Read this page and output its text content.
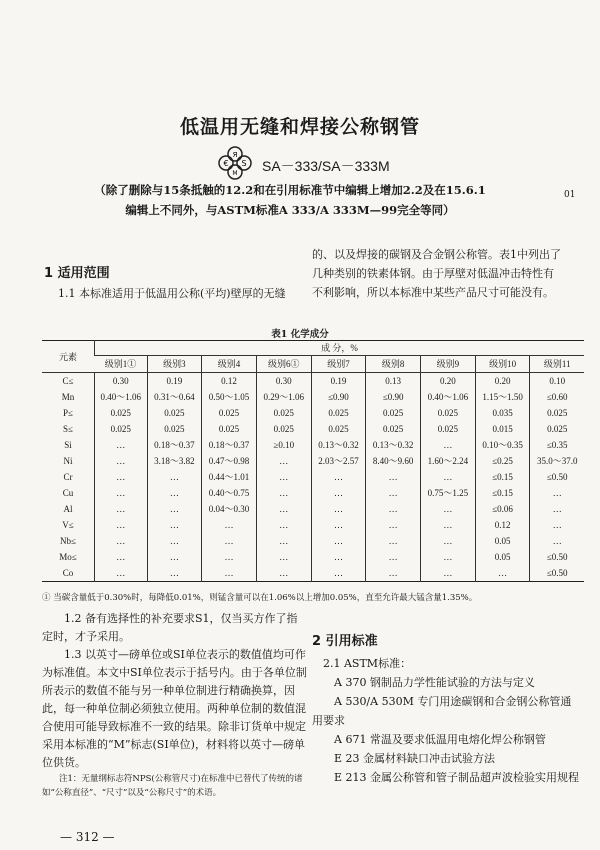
低温用无缝和焊接公称钢管
Я
€ S
M SA－333/SA－333M
（除了删除与15条抵触的12.2和在引用标准节中编辑上增加2.2及在15.6.1
编辑上不同外，与ASTM标准A 333/A 333M—99完全等同）
01
1 适用范围
1.1 本标准适用于低温用公称(平均)壁厚的无缝
的、以及焊接的碳钢及合金钢公称管。表1中列出了
几种类别的铁素体钢。由于厚壁对低温冲击特性有
不利影响，所以本标准中某些产品尺寸可能没有。
表1 化学成分
元素	成 分，%								
	级别1①	级别3	级别4	级别6①	级别7	级别8	级别9	级别10	级别11
C≤	0.30	0.19	0.12	0.30	0.19	0.13	0.20	0.20	0.10
Mn	0.40～1.06	0.31～0.64	0.50～1.05	0.29～1.06	≤0.90	≤0.90	0.40～1.06	1.15～1.50	≤0.60
P≤	0.025	0.025	0.025	0.025	0.025	0.025	0.025	0.035	0.025
S≤	0.025	0.025	0.025	0.025	0.025	0.025	0.025	0.015	0.025
Si	…	0.18～0.37	0.18～0.37	≥0.10	0.13～0.32	0.13～0.32	…	0.10～0.35	≤0.35
Ni	…	3.18～3.82	0.47～0.98	…	2.03～2.57	8.40～9.60	1.60～2.24	≤0.25	35.0～37.0
Cr	…	…	0.44～1.01	…	…	…	…	≤0.15	≤0.50
Cu	…	…	0.40～0.75	…	…	…	0.75～1.25	≤0.15	…
Al	…	…	0.04～0.30	…	…	…	…	≤0.06	…
V≤	…	…	…	…	…	…	…	0.12	…
Nb≤	…	…	…	…	…	…	…	0.05	…
Mo≤	…	…	…	…	…	…	…	0.05	≤0.50
Co	…	…	…	…	…	…	…	…	≤0.50
① 当碳含量低于0.30%时，每降低0.01%，则锰含量可以在1.06%以上增加0.05%，直至允许最大锰含量1.35%。
1.2 备有选择性的补充要求S1，仅当买方作了指定时，才予采用。
1.3 以英寸—磅单位或SI单位表示的数值值均可作为标准值。本文中SI单位表示于括号内。由于各单位制所表示的数值不能与另一种单位制进行精确换算，因此，每一种单位制必须独立使用。两种单位制的数值混合使用可能导致标准不一致的结果。除非订货单中规定采用本标准的“M”标志(SI单位)，材料将以英寸—磅单位供货。
注1：无量纲标志符NPS(公称管尺寸)在标准中已替代了传统的诸如“公称直径”、“尺寸”以及“公称尺寸”的术语。
2 引用标准
2.1 ASTM标准：
A 370 钢制品力学性能试验的方法与定义
A 530/A 530M 专门用途碳钢和合金钢公称管通用要求
A 671 常温及要求低温用电熔化焊公称钢管
E 23 金属材料缺口冲击试验方法
E 213 金属公称管和管子制品超声波检验实用规程
— 312 —
